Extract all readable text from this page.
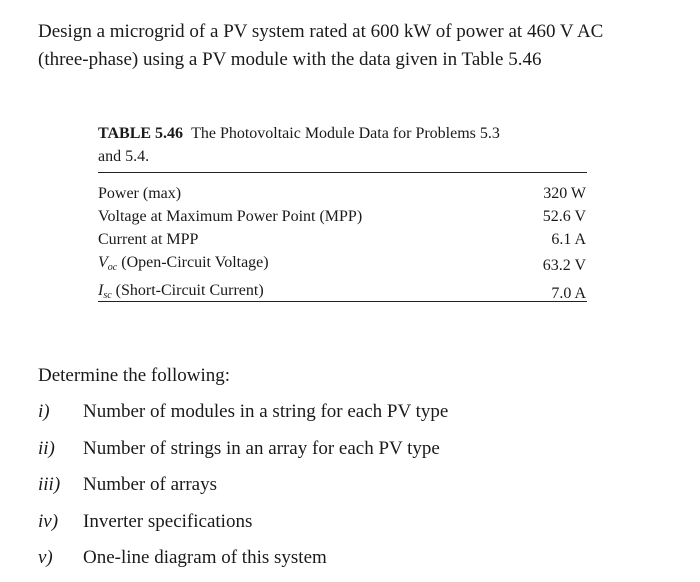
Design a microgrid of a PV system rated at 600 kW of power at 460 V AC
(three-phase) using a PV module with the data given in Table 5.46
TABLE 5.46 The Photovoltaic Module Data for Problems 5.3
and 5.4.
Power (max)	320 W
Voltage at Maximum Power Point (MPP)	52.6 V
Current at MPP	6.1 A
$V_{oc}$ (Open-Circuit Voltage)	63.2 V
$I_{sc}$ (Short-Circuit Current)	7.0 A
Determine the following:
i) Number of modules in a string for each PV type
ii) Number of strings in an array for each PV type
iii) Number of arrays
iv) Inverter specifications
v) One-line diagram of this system
